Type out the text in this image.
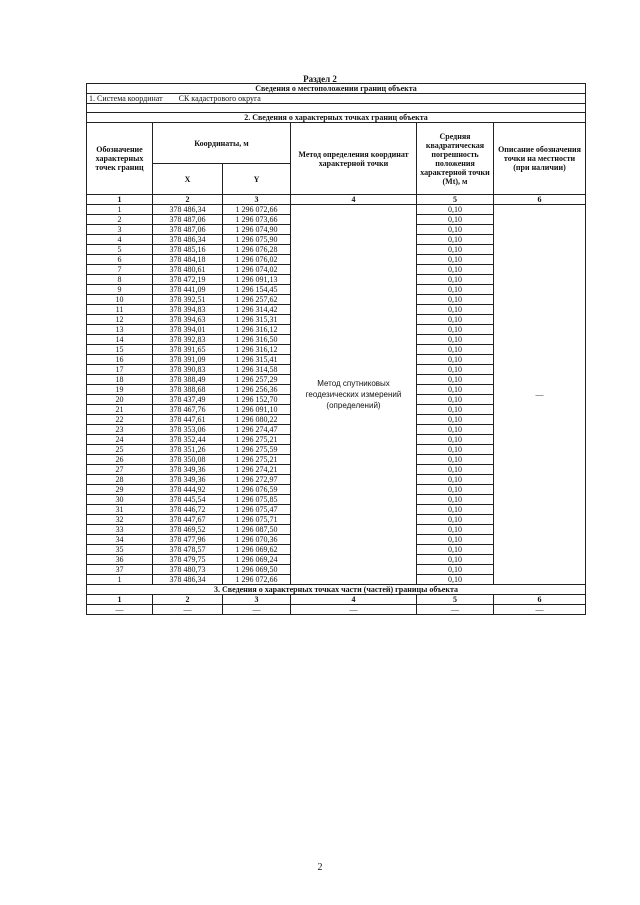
Раздел 2
Сведения о местоположении границ объекта					
1. Система координат СК кадастрового округа					

2. Сведения о характерных точках границ объекта					
Обозначение характерных точек границ	Координаты, м		Метод определения координат характерной точки	Средняя квадратическая погрешность положения характерной точки (Mt), м	Описание обозначения точки на местности (при наличии)
	X	Y			
1	2	3	4	5	6
1	378 486,34	1 296 072,66	Метод спутниковых геодезических измерений (определений)	0,10	—
2	378 487,06	1 296 073,66		0,10	
3	378 487,06	1 296 074,90		0,10	
4	378 486,34	1 296 075,90		0,10	
5	378 485,16	1 296 076,28		0,10	
6	378 484,18	1 296 076,02		0,10	
7	378 480,61	1 296 074,02		0,10	
8	378 472,19	1 296 091,13		0,10	
9	378 441,09	1 296 154,45		0,10	
10	378 392,51	1 296 257,62		0,10	
11	378 394,83	1 296 314,42		0,10	
12	378 394,63	1 296 315,31		0,10	
13	378 394,01	1 296 316,12		0,10	
14	378 392,83	1 296 316,50		0,10	
15	378 391,65	1 296 316,12		0,10	
16	378 391,09	1 296 315,41		0,10	
17	378 390,83	1 296 314,58		0,10	
18	378 388,49	1 296 257,29		0,10	
19	378 388,68	1 296 256,36		0,10	
20	378 437,49	1 296 152,70		0,10	
21	378 467,76	1 296 091,10		0,10	
22	378 447,61	1 296 080,22		0,10	
23	378 353,06	1 296 274,47		0,10	
24	378 352,44	1 296 275,21		0,10	
25	378 351,26	1 296 275,59		0,10	
26	378 350,08	1 296 275,21		0,10	
27	378 349,36	1 296 274,21		0,10	
28	378 349,36	1 296 272,97		0,10	
29	378 444,92	1 296 076,59		0,10	
30	378 445,54	1 296 075,85		0,10	
31	378 446,72	1 296 075,47		0,10	
32	378 447,67	1 296 075,71		0,10	
33	378 469,52	1 296 087,50		0,10	
34	378 477,96	1 296 070,36		0,10	
35	378 478,57	1 296 069,62		0,10	
36	378 479,75	1 296 069,24		0,10	
37	378 480,73	1 296 069,50		0,10	
1	378 486,34	1 296 072,66		0,10	
3. Сведения о характерных точках части (частей) границы объекта					
1	2	3	4	5	6
—	—	—	—	—	—
2
